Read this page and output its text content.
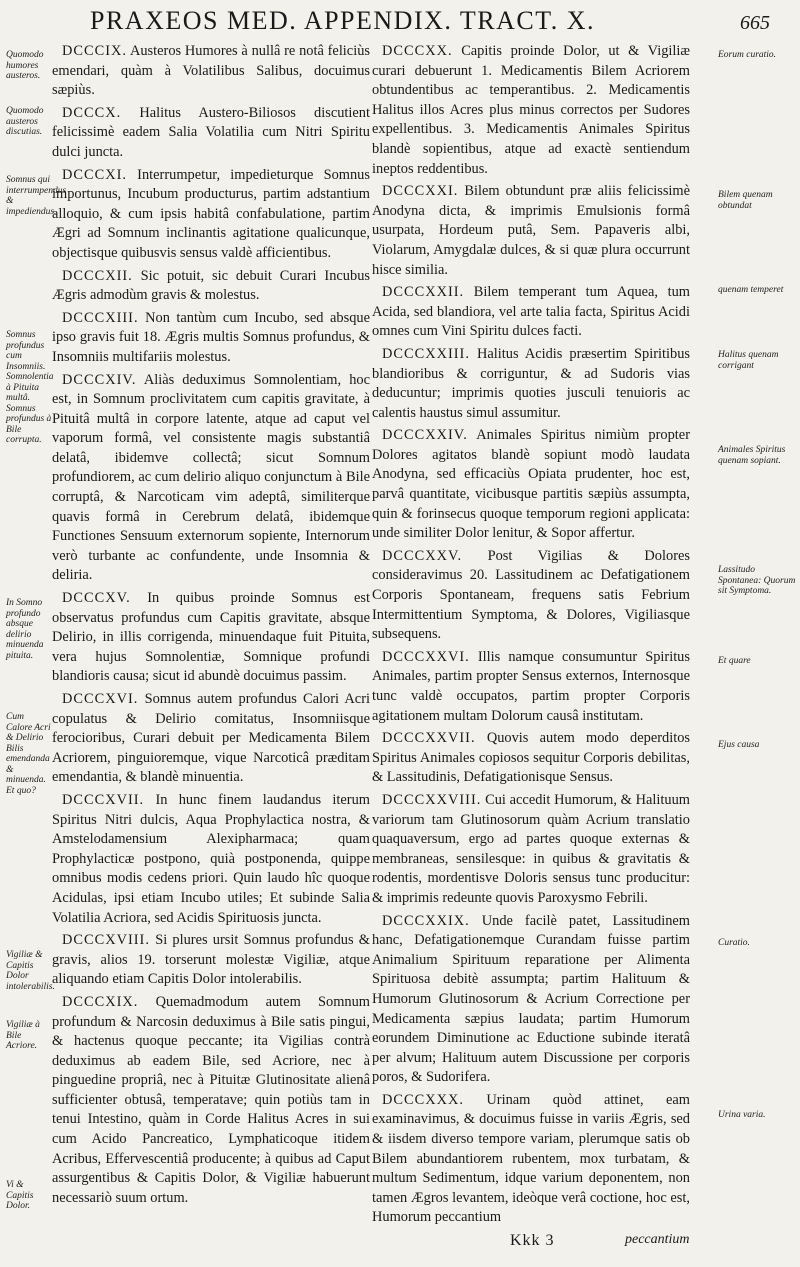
PRAXEOS MED. APPENDIX. TRACT. X.	665
Quomodo humores austeros.
Quomodo austeros discutias.
Somnus qui interrumpendus & impediendus.
Somnus profundus cum Insomniis. Somnolentia à Pituita multâ. Somnus profundus à Bile corrupta.
In Somno profundo absque delirio minuenda pituita.
Cum Calore Acri & Delirio Bilis emendanda & minuenda. Et quo?
Vigiliæ & Capitis Dolor intolerabilis.
Vigiliæ à Bile Acriore.
Vi & Capitis Dolor.
Eorum curatio.
Bilem quenam obtundat
quenam temperet
Halitus quenam corrigant
Animales Spiritus quenam sopiant.
Lassitudo Spontanea: Quorum sit Symptoma.
Et quare
Ejus causa
Curatio.
Urina varia.

DCCCIX. Austeros Humores à nullâ re notâ feliciùs emendari, quàm à Volatilibus Salibus, docuimus sæpiùs.

DCCCX. Halitus Austero-Biliosos discutient felicissimè eadem Salia Volatilia cum Nitri Spiritu dulci juncta.

DCCCXI. Interrumpetur, impedieturque Somnus importunus, Incubum producturus, partim adstantium alloquio, & cum ipsis habitâ confabulatione, partim Ægri ad Somnum inclinantis agitatione qualicunque, objectisque quibusvis sensus valdè afficientibus.

DCCCXII. Sic potuit, sic debuit Curari Incubus Ægris admodùm gravis & molestus.

DCCCXIII. Non tantùm cum Incubo, sed absque ipso gravis fuit 18. Ægris multis Somnus profundus, & Insomniis multifariis molestus.

DCCCXIV. Aliàs deduximus Somnolentiam, hoc est, in Somnum proclivitatem cum capitis gravitate, à Pituitâ multâ in corpore latente, atque ad caput vel vaporum formâ, vel consistente magis substantiâ delatâ, ibidemve collectâ; sicut Somnum profundiorem, ac cum delirio aliquo conjunctum à Bile corruptâ, & Narcoticam vim adeptâ, similiterque quavis formâ in Cerebrum delatâ, ibidemque Functiones Sensuum externorum sopiente, Internorum verò turbante ac confundente, unde Insomnia & deliria.

DCCCXV. In quibus proinde Somnus est observatus profundus cum Capitis gravitate, absque Delirio, in illis corrigenda, minuendaque fuit Pituita, vera hujus Somnolentiæ, Somnique profundi blandioris causa; sicut id abundè docuimus passim.

DCCCXVI. Somnus autem profundus Calori Acri copulatus & Delirio comitatus, Insomniisque ferocioribus, Curari debuit per Medicamenta Bilem Acriorem, pinguioremque, vique Narcoticâ præditam emendantia, & blandè minuentia.

DCCCXVII. In hunc finem laudandus iterum Spiritus Nitri dulcis, Aqua Prophylactica nostra, & Amstelodamensium Alexipharmaca; quam Prophylacticæ postpono, quià postponenda, quippe omnibus modis cedens priori. Quin laudo hîc quoque Acidulas, ipsi etiam Incubo utiles; Et subinde Salia Volatilia Acriora, sed Acidis Spirituosis juncta.

DCCCXVIII. Si plures ursit Somnus profundus & gravis, alios 19. torserunt molestæ Vigiliæ, atque aliquando etiam Capitis Dolor intolerabilis.

DCCCXIX. Quemadmodum autem Somnum profundum & Narcosin deduximus à Bile satis pingui, & hactenus quoque peccante; ita Vigilias contrà deduximus ab eadem Bile, sed Acriore, nec à pinguedine propriâ, nec à Pituitæ Glutinositate alienâ sufficienter obtusâ, temperatave; quin potiùs tam in tenui Intestino, quàm in Corde Halitus Acres in sui cum Acido Pancreatico, Lymphaticoque itidem Acribus, Effervescentiâ producente; à quibus ad Caput assurgentibus & Capitis Dolor, & Vigiliæ habuerunt necessariò suum ortum.

DCCCXX. Capitis proinde Dolor, ut & Vigiliæ curari debuerunt 1. Medicamentis Bilem Acriorem obtundentibus ac temperantibus. 2. Medicamentis Halitus illos Acres plus minus correctos per Sudores expellentibus. 3. Medicamentis Animales Spiritus blandè sopientibus, atque ad exactè sentiendum ineptos reddentibus.

DCCCXXI. Bilem obtundunt præ aliis felicissimè Anodyna dicta, & imprimis Emulsionis formâ usurpata, Hordeum putâ, Sem. Papaveris albi, Violarum, Amygdalæ dulces, & si quæ plura occurrunt hisce similia.

DCCCXXII. Bilem temperant tum Aquea, tum Acida, sed blandiora, vel arte talia facta, Spiritus Acidi omnes cum Vini Spiritu dulces facti.

DCCCXXIII. Halitus Acidis præsertim Spiritibus blandioribus & corriguntur, & ad Sudoris vias deducuntur; imprimis quoties jusculi tenuioris ac calentis haustus simul assumitur.

DCCCXXIV. Animales Spiritus nimiùm propter Dolores agitatos blandè sopiunt modò laudata Anodyna, sed efficaciùs Opiata prudenter, hoc est, parvâ quantitate, vicibusque partitis sæpiùs assumpta, quin & forinsecus quoque temporum regioni applicata: unde similiter Dolor lenitur, & Sopor affertur.

DCCCXXV. Post Vigilias & Dolores consideravimus 20. Lassitudinem ac Defatigationem Corporis Spontaneam, frequens satis Febrium Intermittentium Symptoma, & Dolores, Vigiliasque subsequens.

DCCCXXVI. Illis namque consumuntur Spiritus Animales, partim propter Sensus externos, Internosque tunc valdè occupatos, partim propter Corporis agitationem multam Dolorum causâ institutam.

DCCCXXVII. Quovis autem modo deperditos Spiritus Animales copiosos sequitur Corporis debilitas, & Lassitudinis, Defatigationisque Sensus.

DCCCXXVIII. Cui accedit Humorum, & Halituum variorum tam Glutinosorum quàm Acrium translatio quaquaversum, ergo ad partes quoque externas & membraneas, sensilesque: in quibus & gravitatis & rodentis, mordentisve Doloris sensus tunc producitur: & imprimis redeunte quovis Paroxysmo Febrili.

DCCCXXIX. Unde facilè patet, Lassitudinem hanc, Defatigationemque Curandam fuisse partim Animalium Spirituum reparatione per Alimenta Spirituosa debitè assumpta; partim Halituum & Humorum Glutinosorum & Acrium Correctione per Medicamenta sæpius laudata; partim Humorum eorundem Diminutione ac Eductione subinde iteratâ per alvum; Halituum autem Discussione per corporis poros, & Sudorifera.

DCCCXXX. Urinam quòd attinet, eam examinavimus, & docuimus fuisse in variis Ægris, sed & iisdem diverso tempore variam, plerumque satis ob Bilem abundantiorem rubentem, mox turbatam, & multum Sedimentum, idque varium deponentem, non tamen Ægros levantem, ideòque verâ coctione, hoc est, Humorum peccantium

Kkk 3	peccantium
